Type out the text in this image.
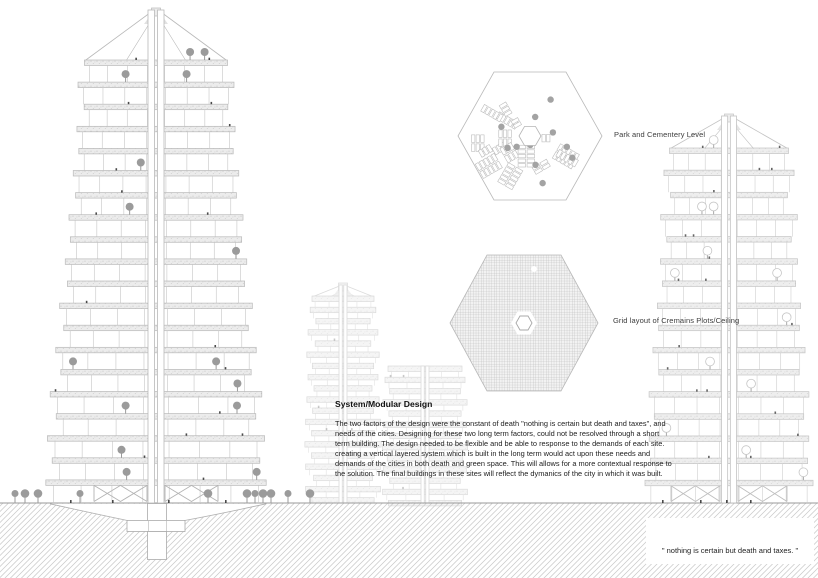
Park and Cementery Level
Grid layout of Cremains Plots/Ceiling
System/Modular Design

The two factors of the design were the constant of death "nothing is certain but death and taxes", and needs of the cities. Designing for these two long term factors, could not be resolved through a short term building. The design needed to be flexible and be able to response to the demands of each site. creating a vertical layered system which is built in the long term would act upon these needs and demands of the cities in both death and green space. This will allows for a more contextual response to the solution. The final buildings in these sites will reflect the dymanics of the city in which it was built.

" nothing is certain but death and taxes. "
